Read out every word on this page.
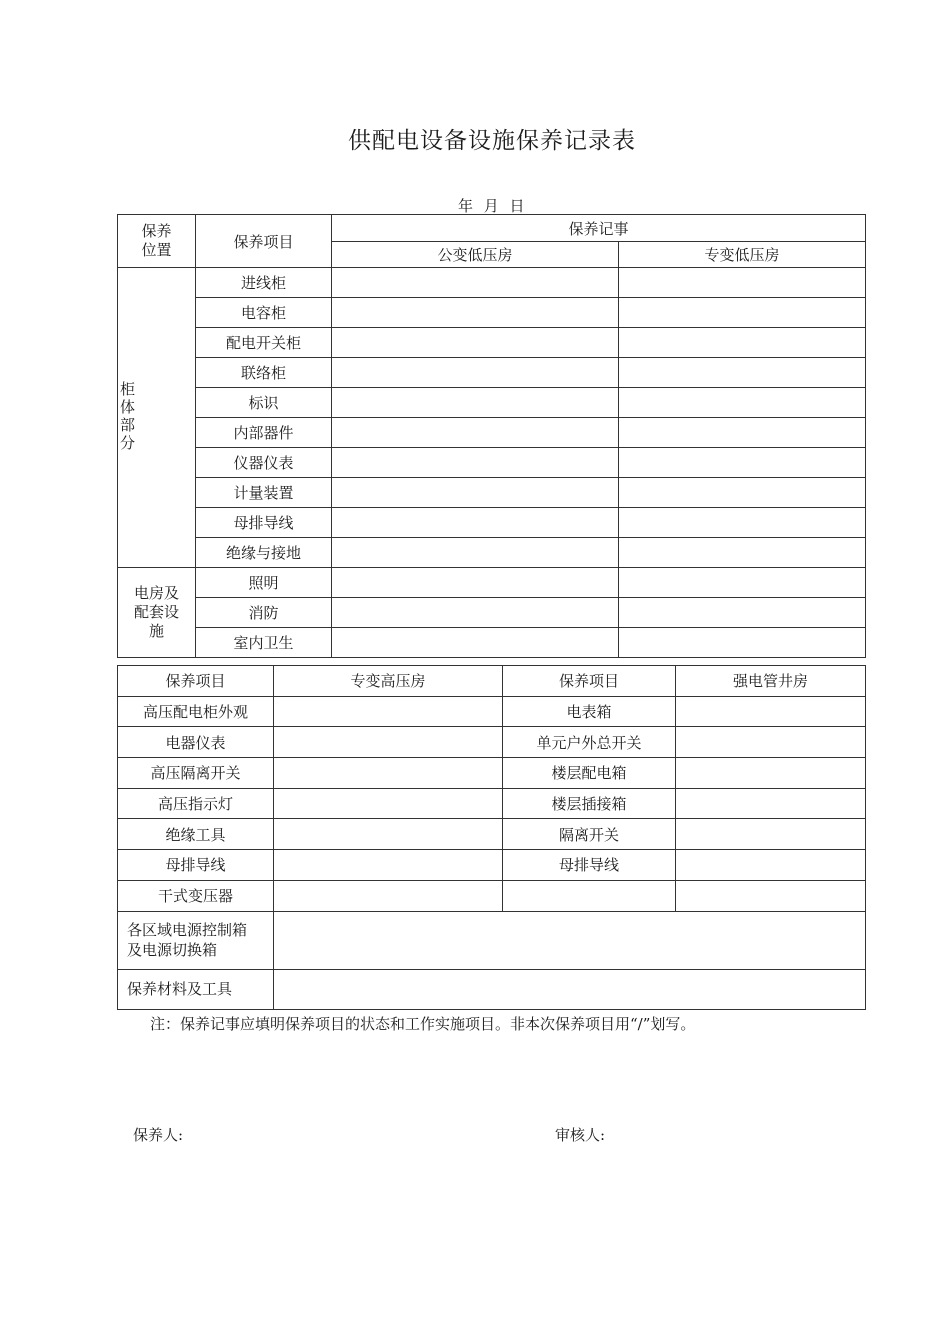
供配电设备设施保养记录表
年 月 日
保养
位置	保养项目	保养记事	
		公变低压房	专变低压房

柜
体
部
分	进线柜		
	电容柜		
	配电开关柜		
	联络柜		
	标识		
	内部器件		
	仪器仪表		
	计量装置		
	母排导线		
	绝缘与接地		
电房及
配套设
施	照明		
	消防		
	室内卫生		
保养项目	专变高压房	保养项目	强电管井房
高压配电柜外观		电表箱	
电器仪表		单元户外总开关	
高压隔离开关		楼层配电箱	
高压指示灯		楼层插接箱	
绝缘工具		隔离开关	
母排导线		母排导线	
干式变压器			
各区域电源控制箱
及电源切换箱			
保养材料及工具			
注：保养记事应填明保养项目的状态和工作实施项目。非本次保养项目用“/”划写。
保养人:	审核人:
